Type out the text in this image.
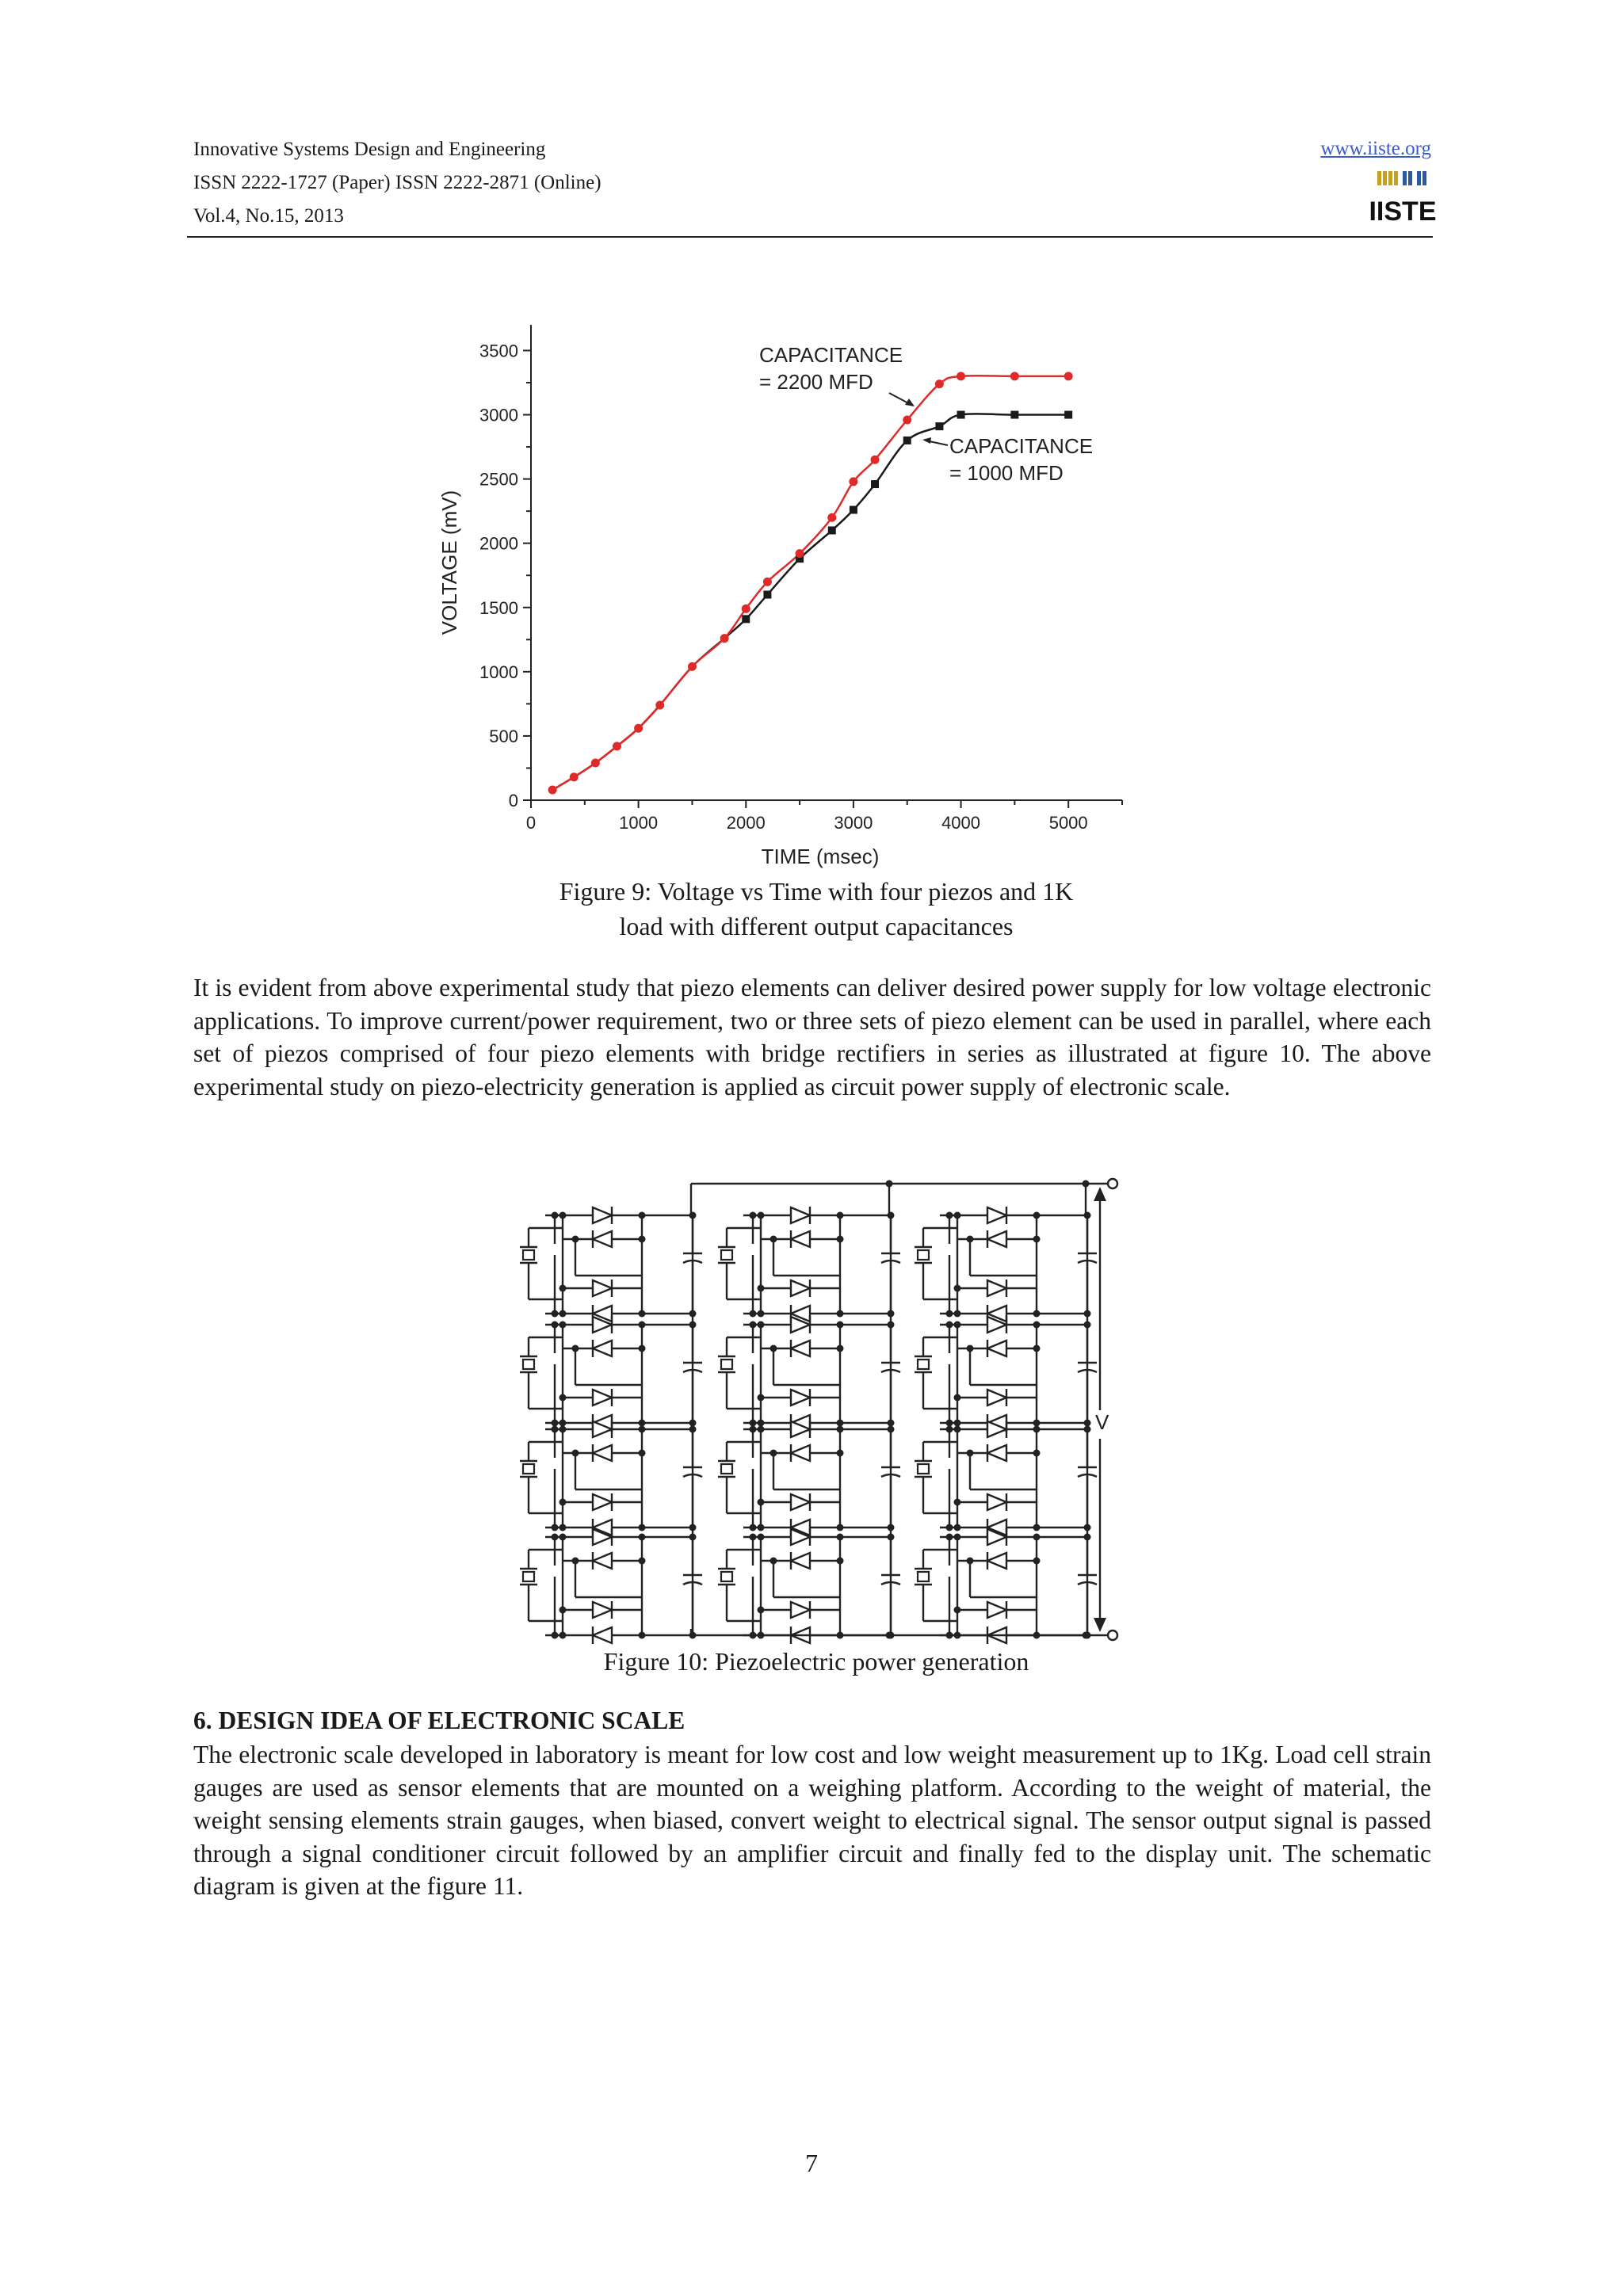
Innovative Systems Design and Engineering
ISSN 2222-1727 (Paper) ISSN 2222-2871 (Online)
Vol.4, No.15, 2013
www.iiste.org
IISTE
0
500
1000
1500
2000
2500
3000
3500
0	1000	2000	3000	4000	5000
TIME (msec)
VOLTAGE (mV)
CAPACITANCE
= 2200 MFD
CAPACITANCE
= 1000 MFD
Figure 9: Voltage vs Time with four piezos and 1K
load with different output capacitances
It is evident from above experimental study that piezo elements can deliver desired power supply for low voltage electronic applications. To improve current/power requirement, two or three sets of piezo element can be used in parallel, where each set of piezos comprised of four piezo elements with bridge rectifiers in series as illustrated at figure 10. The above experimental study on piezo-electricity generation is applied as circuit power supply of electronic scale.
V
Figure 10: Piezoelectric power generation
6. DESIGN IDEA OF ELECTRONIC SCALE
The electronic scale developed in laboratory is meant for low cost and low weight measurement up to 1Kg. Load cell strain gauges are used as sensor elements that are mounted on a weighing platform. According to the weight of material, the weight sensing elements strain gauges, when biased, convert weight to electrical signal. The sensor output signal is passed through a signal conditioner circuit followed by an amplifier circuit and finally fed to the display unit. The schematic diagram is given at the figure 11.
7
